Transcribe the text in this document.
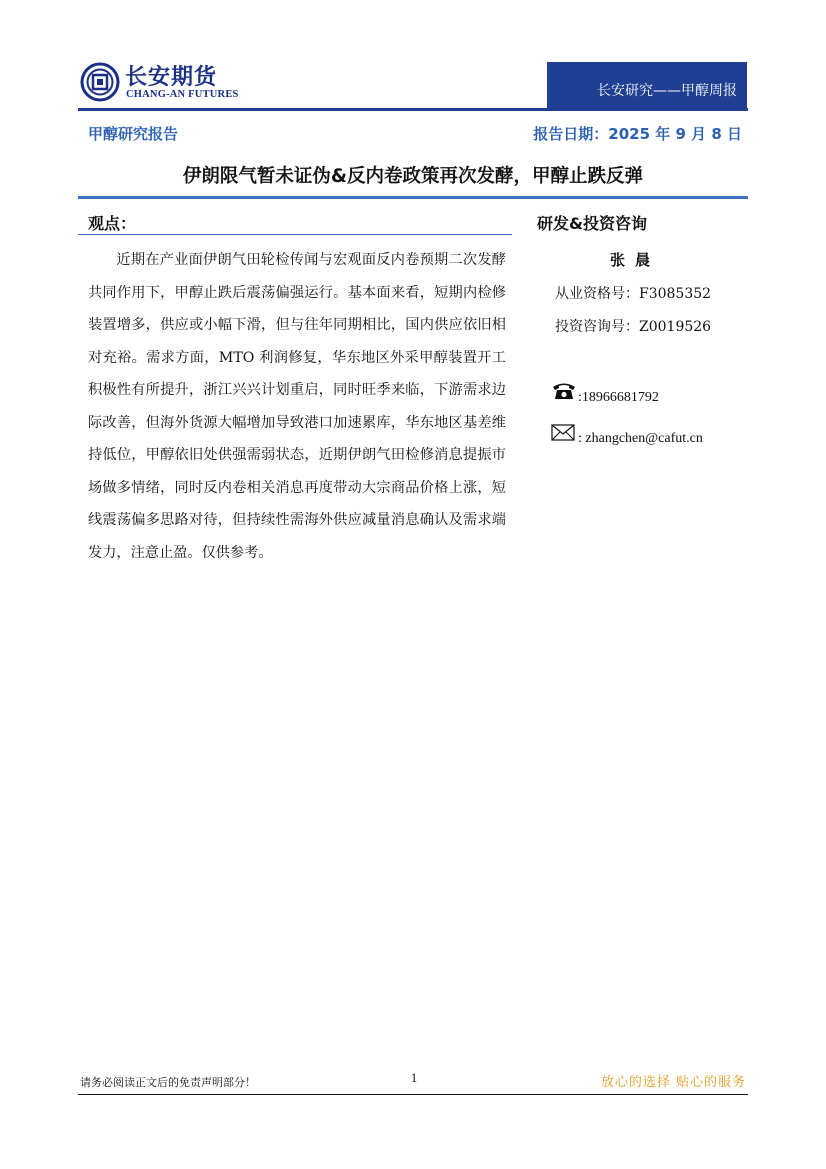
长安期货
CHANG-AN FUTURES	长安研究——甲醇周报
甲醇研究报告	报告日期：2025 年 9 月 8 日
伊朗限气暂未证伪&反内卷政策再次发酵，甲醇止跌反弹
观点：

近期在产业面伊朗气田轮检传闻与宏观面反内卷预期二次发酵共同作用下，甲醇止跌后震荡偏强运行。基本面来看，短期内检修装置增多，供应或小幅下滑，但与往年同期相比，国内供应依旧相对充裕。需求方面，MTO 利润修复，华东地区外采甲醇装置开工积极性有所提升，浙江兴兴计划重启，同时旺季来临，下游需求边际改善，但海外货源大幅增加导致港口加速累库，华东地区基差维持低位，甲醇依旧处供强需弱状态，近期伊朗气田检修消息提振市场做多情绪，同时反内卷相关消息再度带动大宗商品价格上涨，短线震荡偏多思路对待，但持续性需海外供应减量消息确认及需求端发力，注意止盈。仅供参考。

研发&投资咨询
张晨
从业资格号：F3085352
投资咨询号：Z0019526
:18966681792
: zhangchen@cafut.cn
请务必阅读正文后的免责声明部分！	1	放心的选择 贴心的服务
